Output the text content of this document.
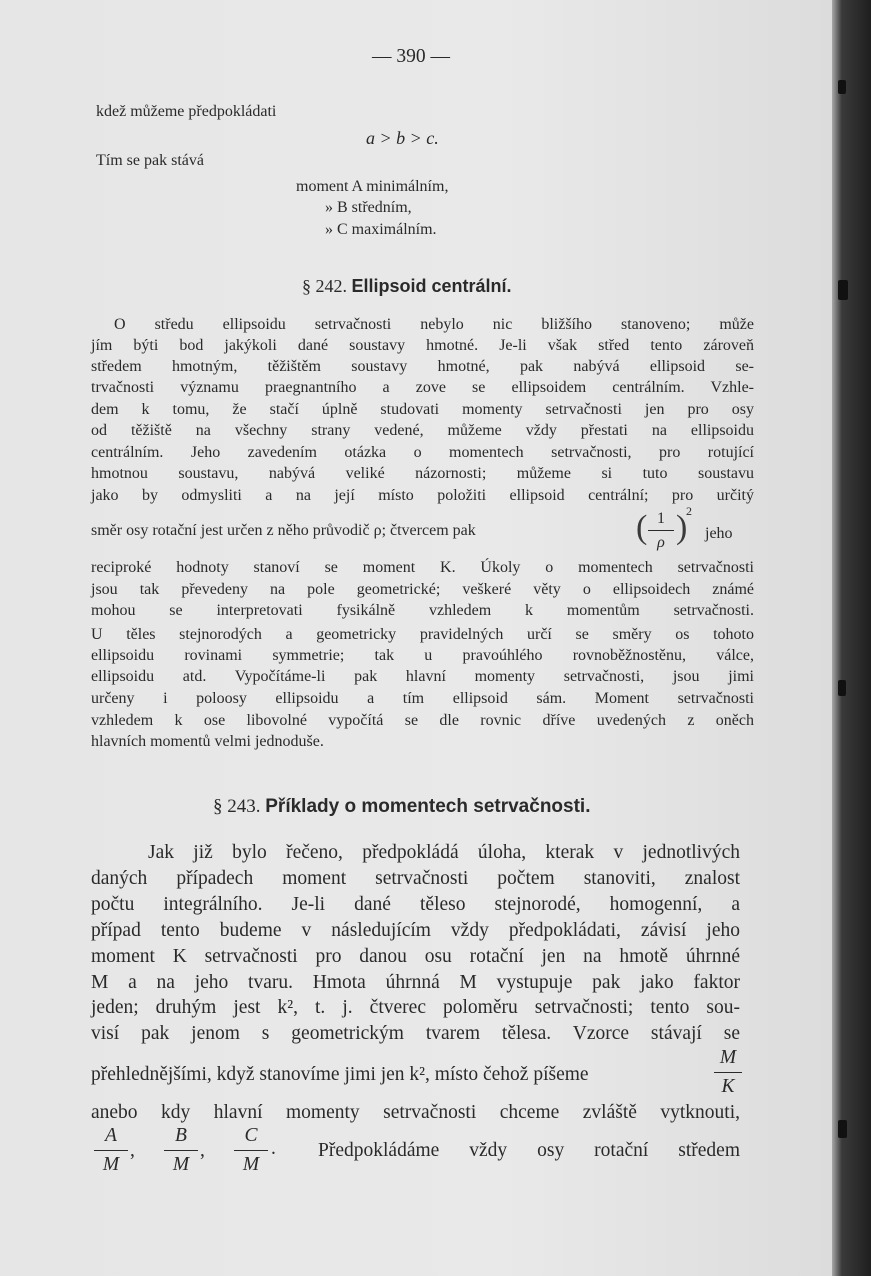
— 390 —
kdež můžeme předpokládati
a > b > c.
Tím se pak stává
moment A minimálním,
» B středním,
» C maximálním.
§ 242. Ellipsoid centrální.
O středu ellipsoidu setrvačnosti nebylo nic bližšího stanoveno; může
jím býti bod jakýkoli dané soustavy hmotné. Je-li však střed tento zároveň
středem hmotným, těžištěm soustavy hmotné, pak nabývá ellipsoid se-
trvačnosti významu praegnantního a zove se ellipsoidem centrálním. Vzhle-
dem k tomu, že stačí úplně studovati momenty setrvačnosti jen pro osy
od těžiště na všechny strany vedené, můžeme vždy přestati na ellipsoidu
centrálním. Jeho zavedením otázka o momentech setrvačnosti, pro rotující
hmotnou soustavu, nabývá veliké názornosti; můžeme si tuto soustavu
jako by odmysliti a na její místo položiti ellipsoid centrální; pro určitý
směr osy rotační jest určen z něho průvodič ρ; čtvercem pak	( 1
ρ )
2
jeho
reciproké hodnoty stanoví se moment K. Úkoly o momentech setrvačnosti
jsou tak převedeny na pole geometrické; veškeré věty o ellipsoidech známé
mohou se interpretovati fysikálně vzhledem k momentům setrvačnosti.
U těles stejnorodých a geometricky pravidelných určí se směry os tohoto
ellipsoidu rovinami symmetrie; tak u pravoúhlého rovnoběžnostěnu, válce,
ellipsoidu atd. Vypočítáme-li pak hlavní momenty setrvačnosti, jsou jimi
určeny i poloosy ellipsoidu a tím ellipsoid sám. Moment setrvačnosti
vzhledem k ose libovolné vypočítá se dle rovnic dříve uvedených z oněch
hlavních momentů velmi jednoduše.
§ 243. Příklady o momentech setrvačnosti.
Jak již bylo řečeno, předpokládá úloha, kterak v jednotlivých
daných případech moment setrvačnosti počtem stanoviti, znalost
počtu integrálního. Je-li dané těleso stejnorodé, homogenní, a
případ tento budeme v následujícím vždy předpokládati, závisí jeho
moment K setrvačnosti pro danou osu rotační jen na hmotě úhrnné
M a na jeho tvaru. Hmota úhrnná M vystupuje pak jako faktor
jeden; druhým jest k², t. j. čtverec poloměru setrvačnosti; tento sou-
visí pak jenom s geometrickým tvarem tělesa. Vzorce stávají se
přehlednějšími, když stanovíme jimi jen k², místo čehož píšeme
M
K
anebo kdy hlavní momenty setrvačnosti chceme zvláště vytknouti,
A
M
,
B
M
,
C
M
. Předpokládáme vždy osy rotační středem
